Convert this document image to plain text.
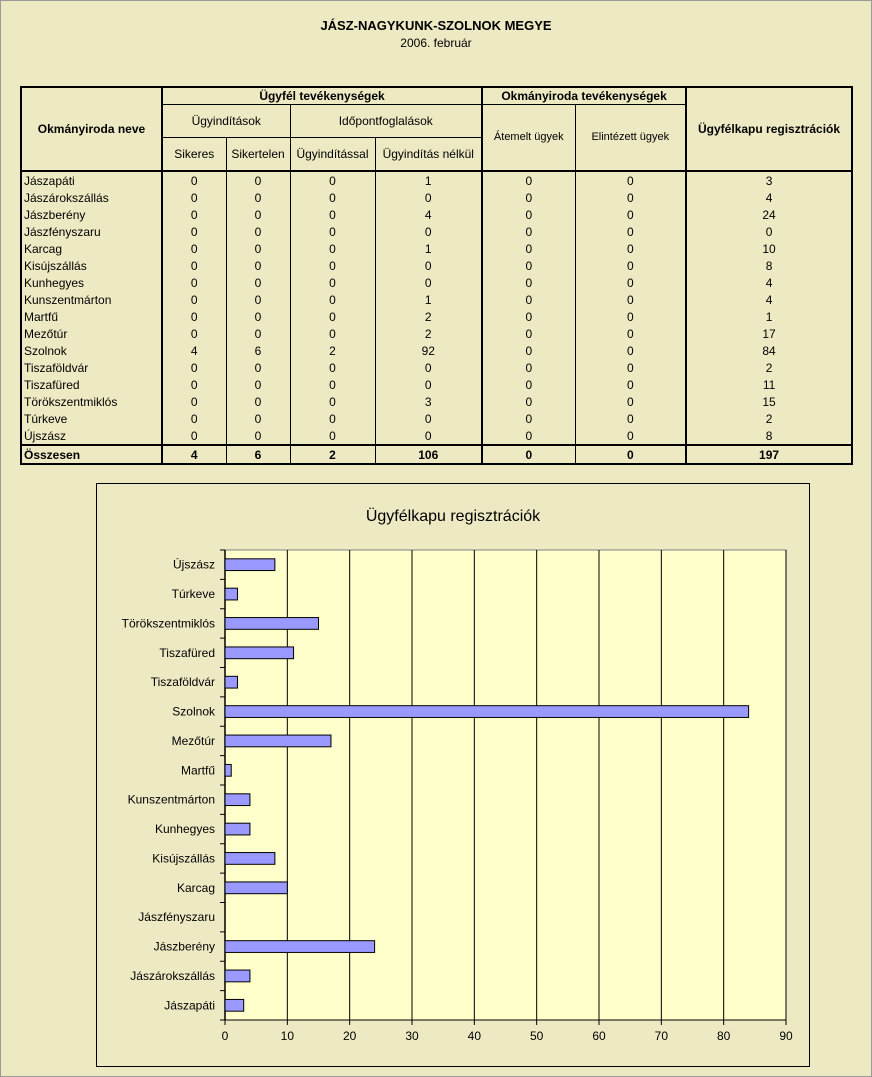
JÁSZ-NAGYKUNK-SZOLNOK MEGYE
2006. február
Okmányiroda neve	Ügyfél tevékenységek				Okmányiroda tevékenységek		Ügyfélkapu regisztrációk
	Ügyindítások		Időpontfoglalások		Átemelt ügyek	Elintézett ügyek	
	Sikeres	Sikertelen	Ügyindítással	Ügyindítás nélkül			
Jászapáti	0	0	0	1	0	0	3
Jászárokszállás	0	0	0	0	0	0	4
Jászberény	0	0	0	4	0	0	24
Jászfényszaru	0	0	0	0	0	0	0
Karcag	0	0	0	1	0	0	10
Kisújszállás	0	0	0	0	0	0	8
Kunhegyes	0	0	0	0	0	0	4
Kunszentmárton	0	0	0	1	0	0	4
Martfű	0	0	0	2	0	0	1
Mezőtúr	0	0	0	2	0	0	17
Szolnok	4	6	2	92	0	0	84
Tiszaföldvár	0	0	0	0	0	0	2
Tiszafüred	0	0	0	0	0	0	11
Törökszentmiklós	0	0	0	3	0	0	15
Túrkeve	0	0	0	0	0	0	2
Újszász	0	0	0	0	0	0	8
Összesen	4	6	2	106	0	0	197
Ügyfélkapu regisztrációk
0	10	20	30	40	50	60	70	80	90
Jászapáti
Jászárokszállás
Jászberény
Jászfényszaru
Karcag
Kisújszállás
Kunhegyes
Kunszentmárton
Martfű
Mezőtúr
Szolnok
Tiszaföldvár
Tiszafüred
Törökszentmiklós
Túrkeve
Újszász
